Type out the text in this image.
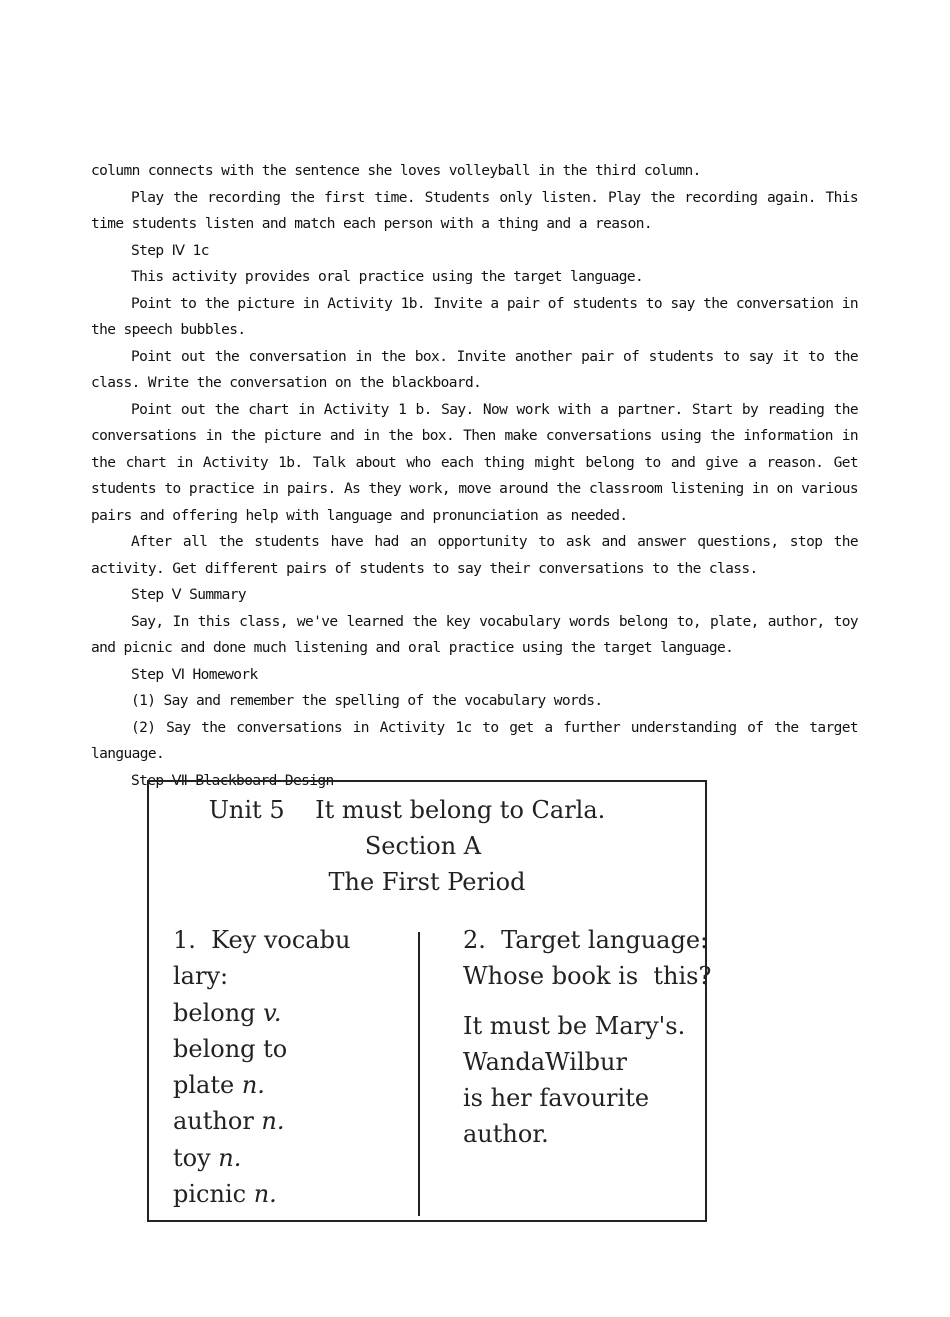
column connects with the sentence she loves volleyball in the third column.

Play the recording the first time. Students only listen. Play the recording again. This time students listen and match each person with a thing and a reason.

Step Ⅳ 1c

This activity provides oral practice using the target language.

Point to the picture in Activity 1b. Invite a pair of students to say the conversation in the speech bubbles.

Point out the conversation in the box. Invite another pair of students to say it to the class. Write the conversation on the blackboard.

Point out the chart in Activity 1 b. Say. Now work with a partner. Start by reading the conversations in the picture and in the box. Then make conversations using the information in the chart in Activity 1b. Talk about who each thing might belong to and give a reason. Get students to practice in pairs. As they work, move around the classroom listening in on various pairs and offering help with language and pronunciation as needed.

After all the students have had an opportunity to ask and answer questions, stop the activity. Get different pairs of students to say their conversations to the class.

Step Ⅴ Summary

Say, In this class, we've learned the key vocabulary words belong to, plate, author, toy and picnic and done much listening and oral practice using the target language.

Step Ⅵ Homework

(1) Say and remember the spelling of the vocabulary words.

(2) Say the conversations in Activity 1c to get a further understanding of the target language.

Step Ⅶ Blackboard Design

Unit 5    It must belong to Carla.
Section A
The First Period
1.  Key vocabu
lary:
belong v.
belong to
plate n.
author n.
toy n.
picnic n.
2.  Target language:
Whose book is  this?
It must be Mary's.
WandaWilbur
is her favourite
author.
